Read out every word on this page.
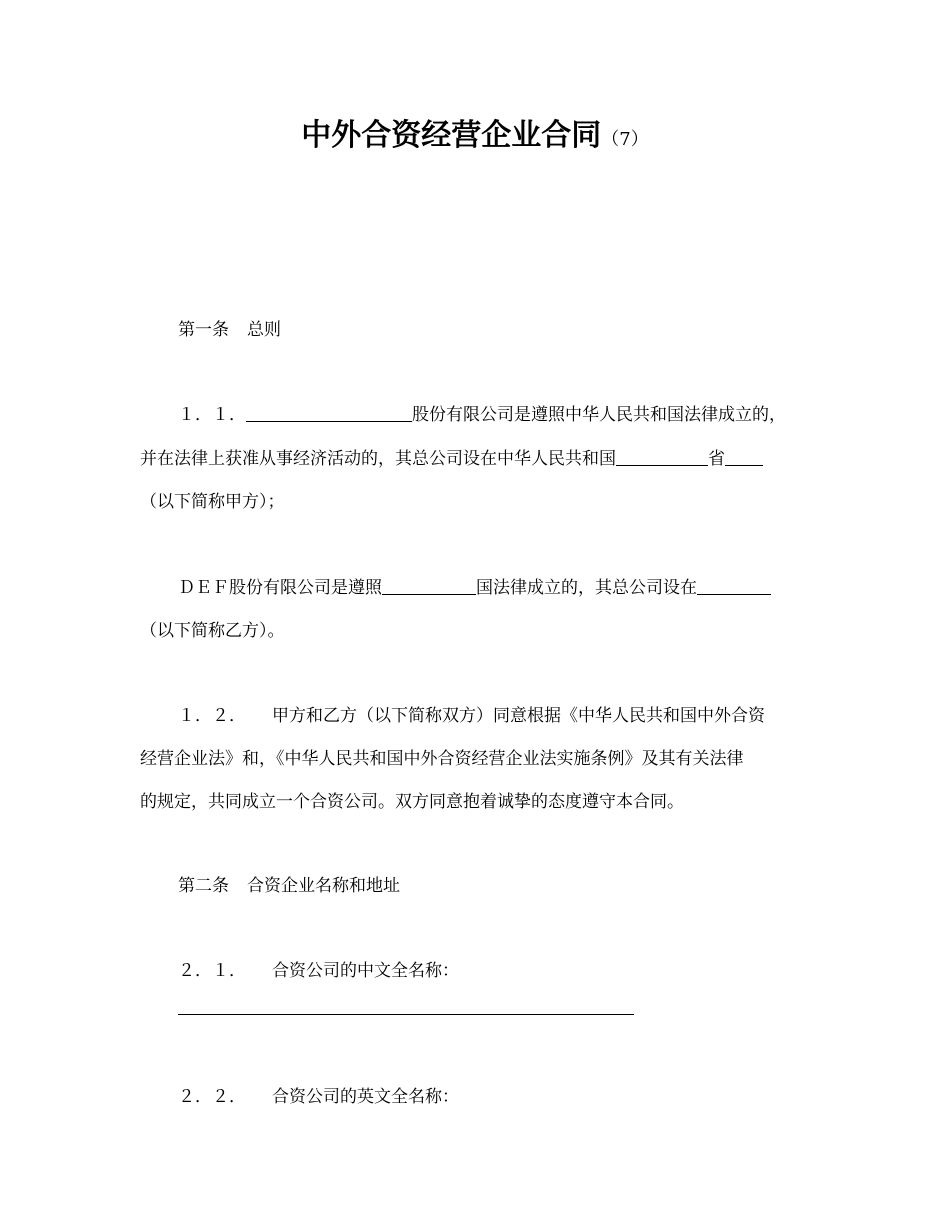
中外合资经营企业合同（7）
第一条 总则
１．１．	股份有限公司是遵照中华人民共和国法律成立的，
并在法律上获准从事经济活动的，其总公司设在中华人民共和国	省
（以下简称甲方）；
ＤＥＦ股份有限公司是遵照	国法律成立的，其总公司设在
（以下简称乙方）。
１．２． 甲方和乙方（以下简称双方）同意根据《中华人民共和国中外合资
经营企业法》和，《中华人民共和国中外合资经营企业法实施条例》及其有关法律
的规定，共同成立一个合资公司。双方同意抱着诚挚的态度遵守本合同。
第二条 合资企业名称和地址
２．１． 合资公司的中文全名称：
２．２． 合资公司的英文全名称：
